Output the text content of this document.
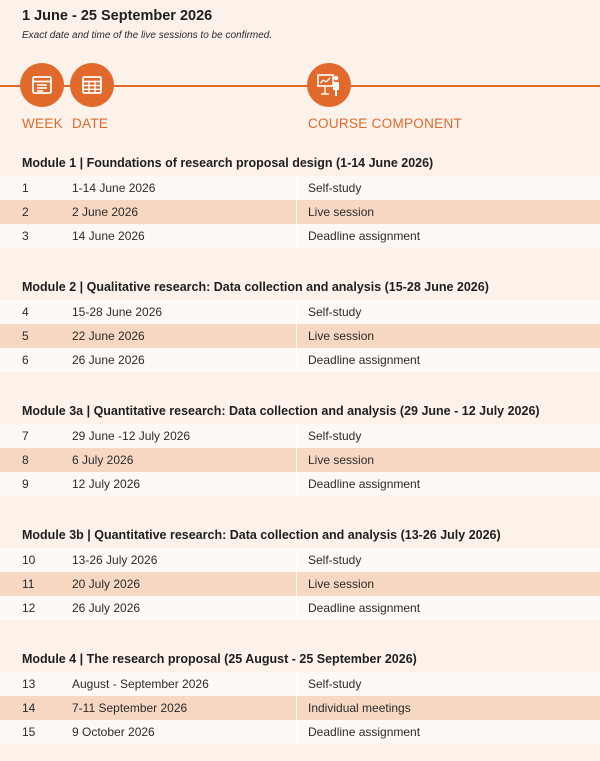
1 June - 25 September 2026
Exact date and time of the live sessions to be confirmed.
WEEK DATE	COURSE COMPONENT
Module 1 | Foundations of research proposal design (1-14 June 2026)
1	1-14 June 2026	Self-study
2	2 June 2026	Live session
3	14 June 2026	Deadline assignment
Module 2 | Qualitative research: Data collection and analysis (15-28 June 2026)
4	15-28 June 2026	Self-study
5	22 June 2026	Live session
6	26 June 2026	Deadline assignment
Module 3a | Quantitative research: Data collection and analysis (29 June - 12 July 2026)
7	29 June -12 July 2026	Self-study
8	6 July 2026	Live session
9	12 July 2026	Deadline assignment
Module 3b | Quantitative research: Data collection and analysis (13-26 July 2026)
10	13-26 July 2026	Self-study
11	20 July 2026	Live session
12	26 July 2026	Deadline assignment
Module 4 | The research proposal (25 August - 25 September 2026)
13	August - September 2026	Self-study
14	7-11 September 2026	Individual meetings
15	9 October 2026	Deadline assignment
